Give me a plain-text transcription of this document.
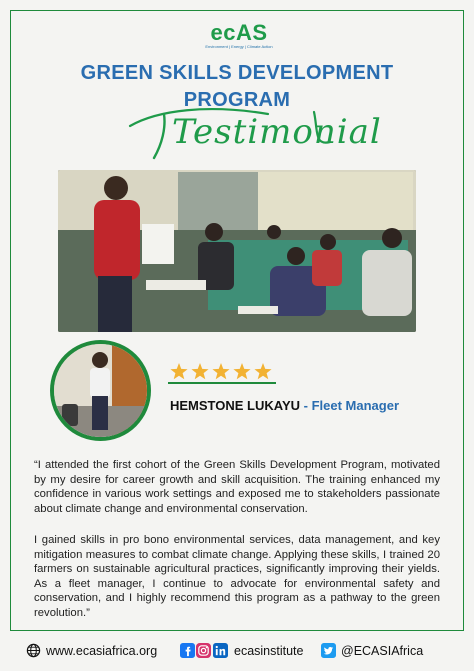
ecAS
Environment | Energy | Climate Action
GREEN SKILLS DEVELOPMENT
PROGRAM
Testimonial
HEMSTONE LUKAYU - Fleet Manager
“I attended the first cohort of the Green Skills Development Program, motivated by my desire for career growth and skill acquisition. The training enhanced my confidence in various work settings and exposed me to stakeholders passionate about climate change and environmental conservation.
I gained skills in pro bono environmental services, data management, and key mitigation measures to combat climate change. Applying these skills, I trained 20 farmers on sustainable agricultural practices, significantly improving their yields. As a fleet manager, I continue to advocate for environmental safety and conservation, and I highly recommend this program as a pathway to the green revolution.”
www.ecasiafrica.org	ecasinstitute	@ECASIAfrica
